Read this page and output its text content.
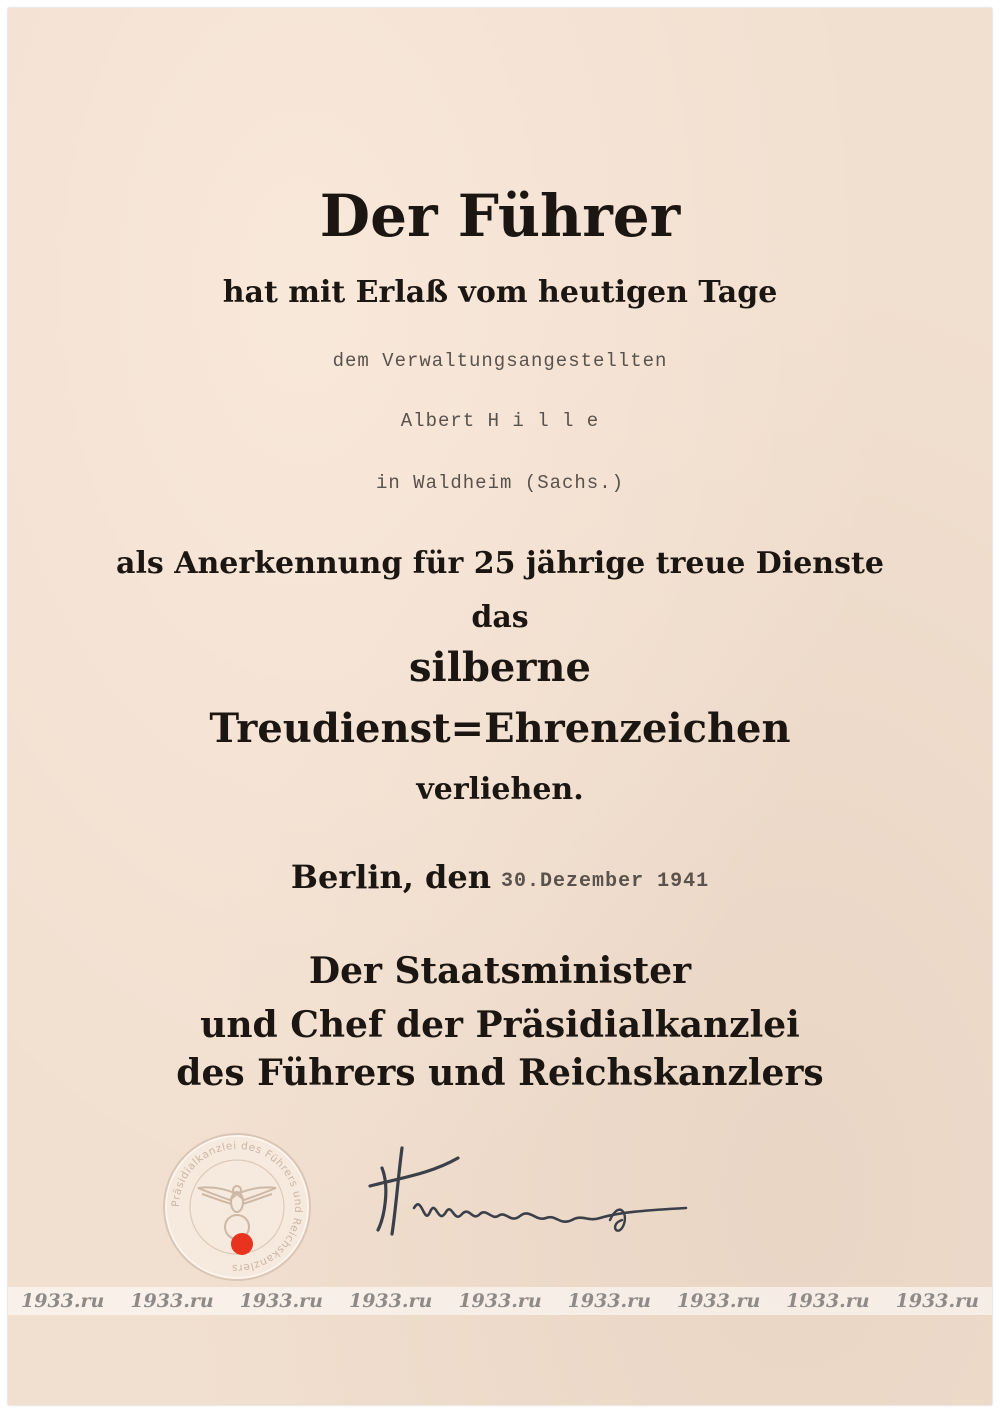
Der Führer
hat mit Erlaß vom heutigen Tage
dem Verwaltungsangestellten
Albert H i l l e
in Waldheim (Sachs.)
als Anerkennung für 25 jährige treue Dienste
das
silberne
Treudienst=Ehrenzeichen
verliehen.
Berlin, den 30.Dezember 1941
Der Staatsminister
und Chef der Präsidialkanzlei
des Führers und Reichskanzlers
Präsidialkanzlei des Führers und Reichskanzlers
1933.ru 1933.ru 1933.ru 1933.ru 1933.ru 1933.ru 1933.ru 1933.ru 1933.ru
